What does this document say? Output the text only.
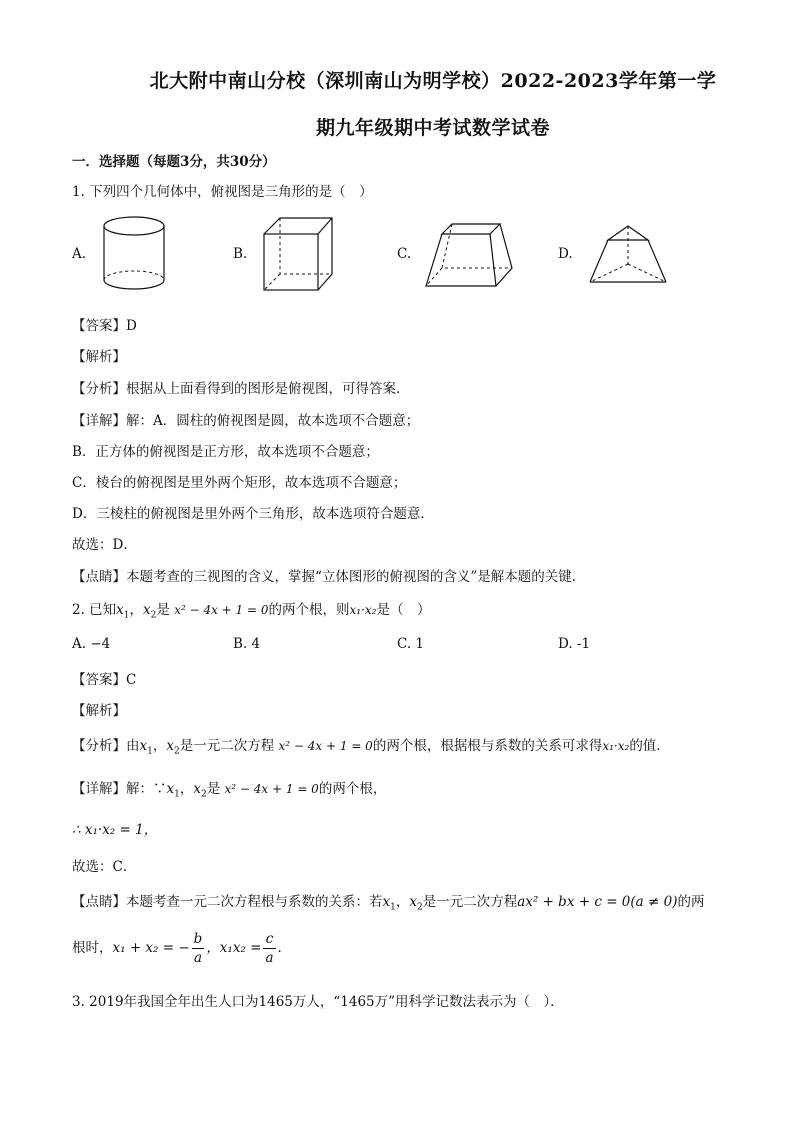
北大附中南山分校（深圳南山为明学校）2022-2023学年第一学
期九年级期中考试数学试卷
一．选择题（每题3分，共30分）
1. 下列四个几何体中，俯视图是三角形的是（　）
A.	B.	C.	D.
【答案】D
【解析】
【分析】根据从上面看得到的图形是俯视图，可得答案．
【详解】解：A．圆柱的俯视图是圆，故本选项不合题意；
B．正方体的俯视图是正方形，故本选项不合题意；
C．棱台的俯视图是里外两个矩形，故本选项不合题意；
D．三棱柱的俯视图是里外两个三角形，故本选项符合题意．
故选：D．
【点睛】本题考查的三视图的含义，掌握“立体图形的俯视图的含义”是解本题的关键．
2. 已知$x_1$，$x_2$是 x² − 4x + 1 = 0的两个根，则x₁·x₂是（　）
A. −4	B. 4	C. 1	D. -1
【答案】C
【解析】
【分析】由$x_1$，$x_2$是一元二次方程 x² − 4x + 1 = 0的两个根，根据根与系数的关系可求得x₁·x₂的值．
【详解】解：$\because x_1$，$x_2$是 x² − 4x + 1 = 0的两个根，
∴ x₁·x₂ = 1，
故选：C．
【点睛】本题考查一元二次方程根与系数的关系：若$x_1$，$x_2$是一元二次方程ax² + bx + c = 0(a ≠ 0)的两
根时，x₁ + x₂ = − $\frac{b}{a}$ ，$x_1x_2 = \frac{c}{a}$ ．
3. 2019年我国全年出生人口为1465万人，“1465万”用科学记数法表示为（　）．
